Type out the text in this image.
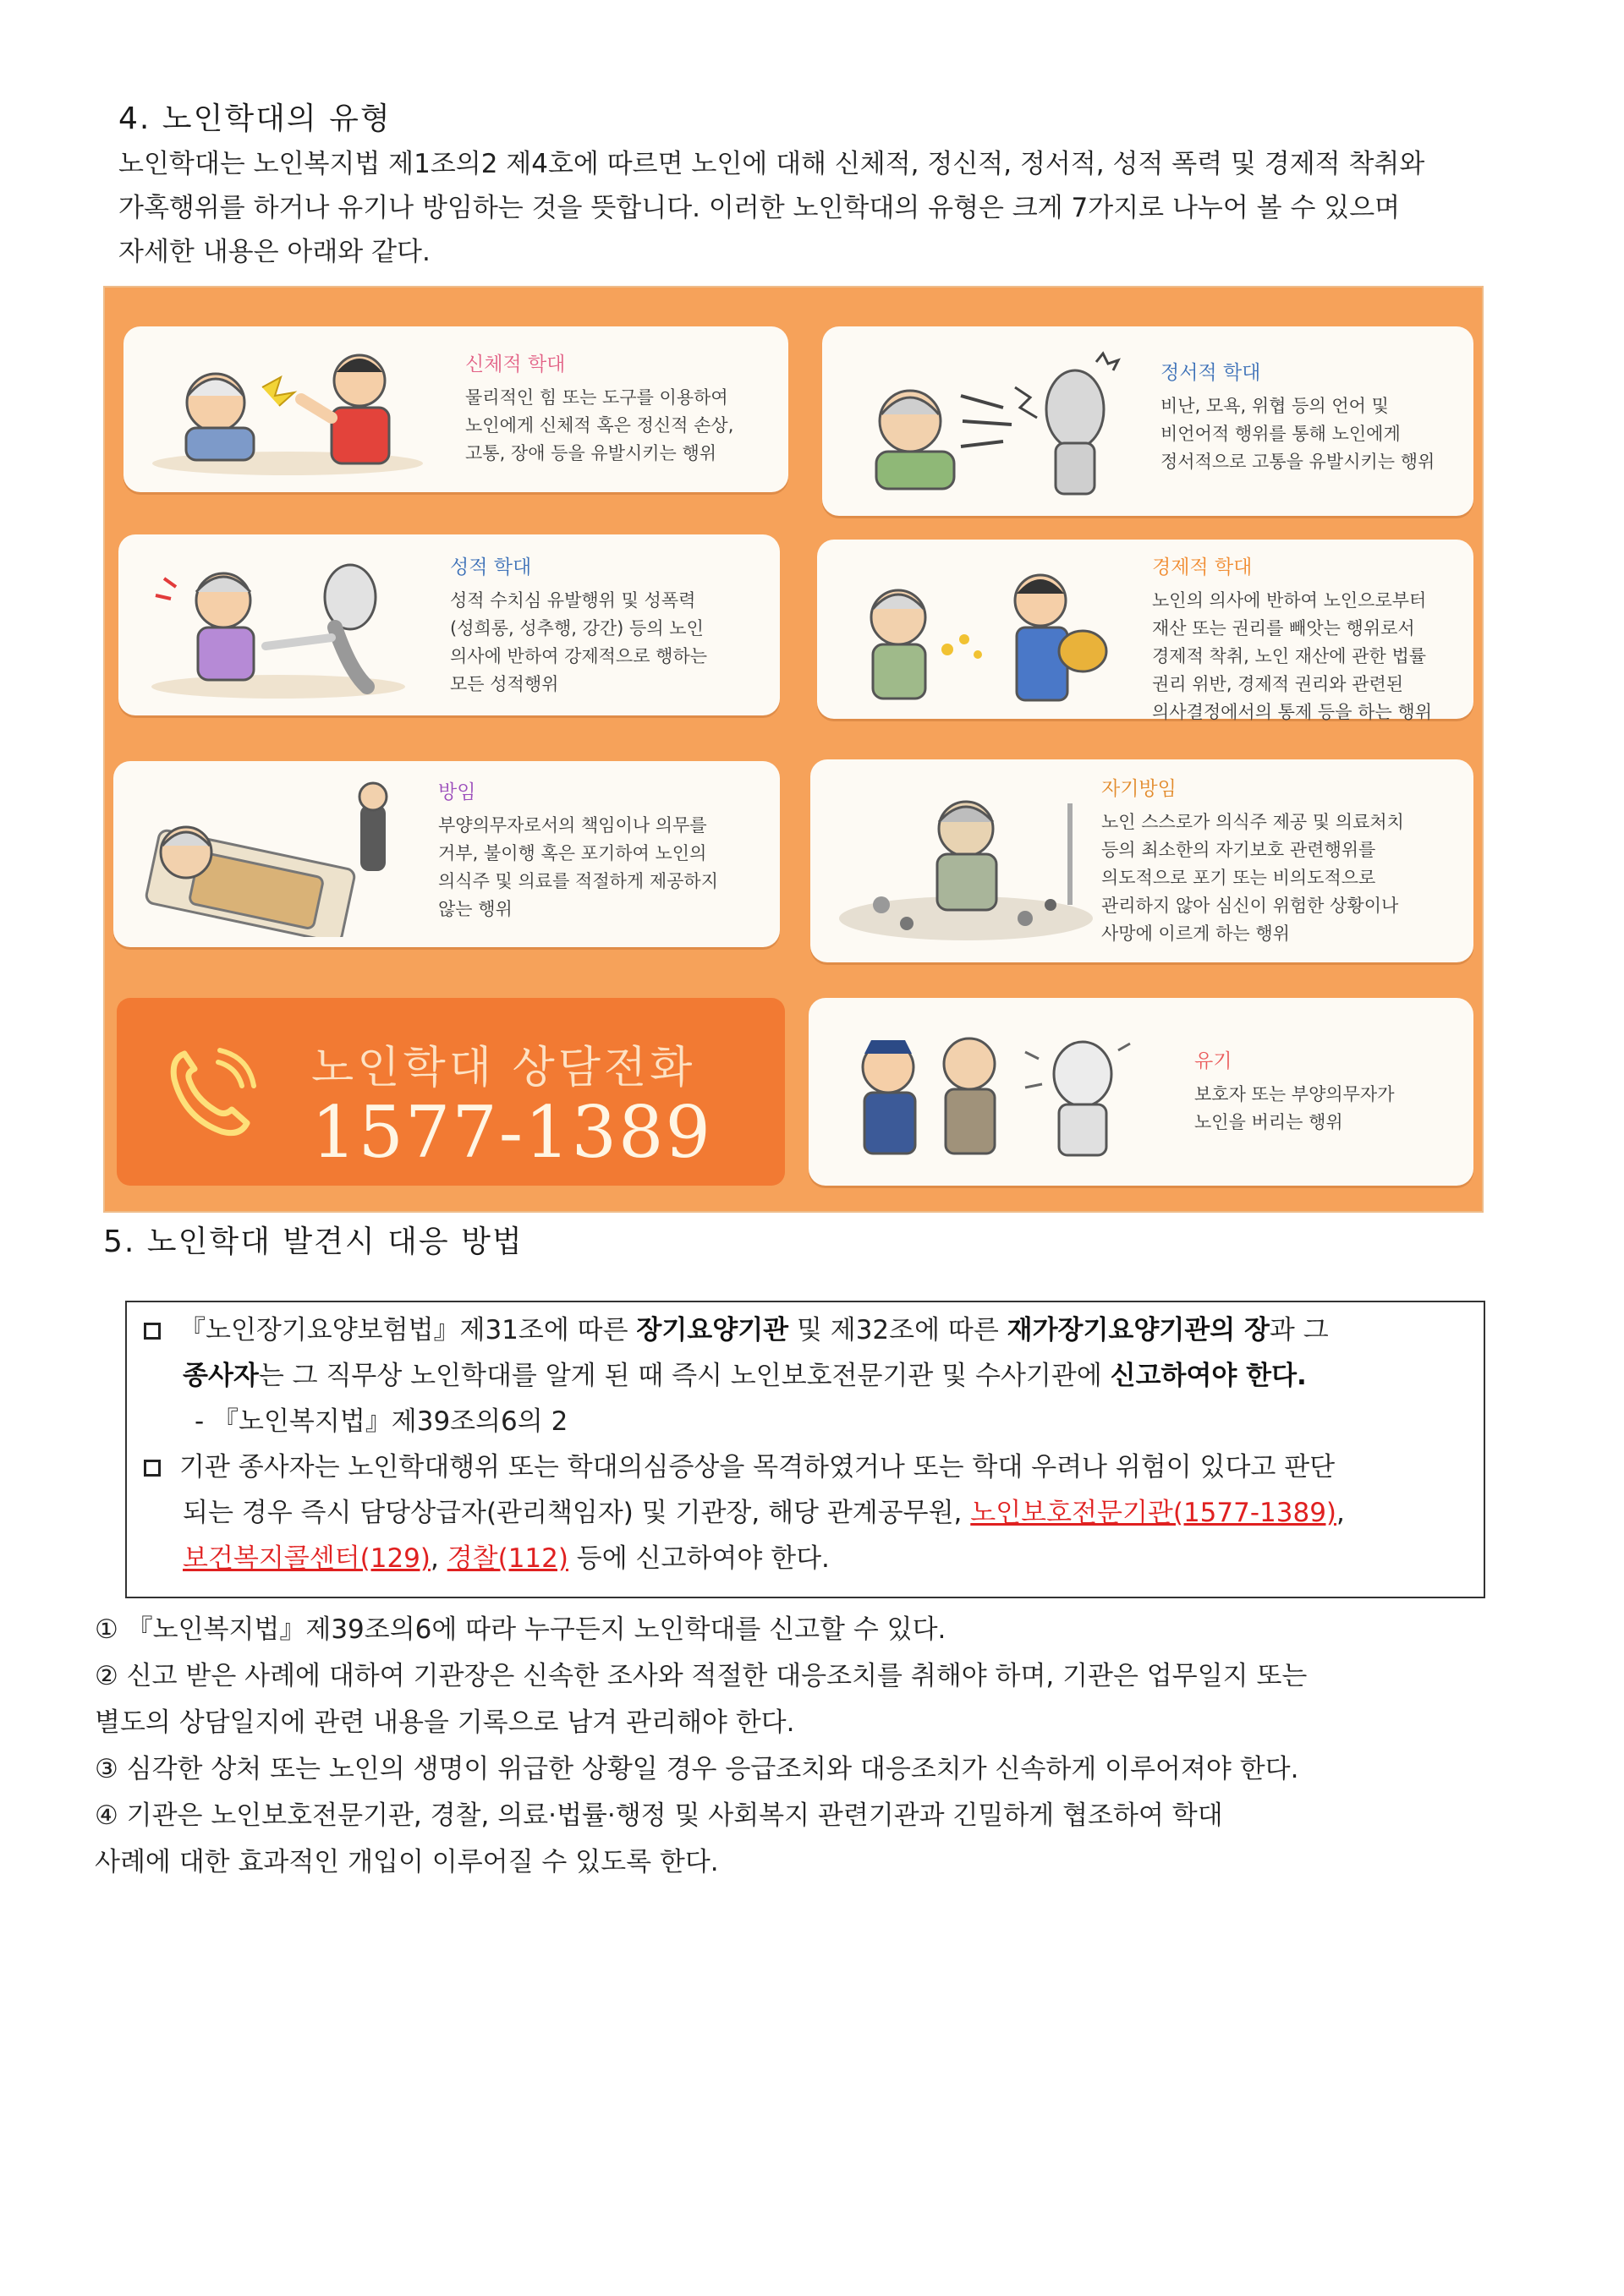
4. 노인학대의 유형

노인학대는 노인복지법 제1조의2 제4호에 따르면 노인에 대해 신체적, 정신적, 정서적, 성적 폭력 및 경제적 착취와

가혹행위를 하거나 유기나 방임하는 것을 뜻합니다. 이러한 노인학대의 유형은 크게 7가지로 나누어 볼 수 있으며

자세한 내용은 아래와 같다.

신체적 학대
물리적인 힘 또는 도구를 이용하여
노인에게 신체적 혹은 정신적 손상,
고통, 장애 등을 유발시키는 행위
정서적 학대
비난, 모욕, 위협 등의 언어 및
비언어적 행위를 통해 노인에게
정서적으로 고통을 유발시키는 행위
성적 학대
성적 수치심 유발행위 및 성폭력
(성희롱, 성추행, 강간) 등의 노인
의사에 반하여 강제적으로 행하는
모든 성적행위
경제적 학대
노인의 의사에 반하여 노인으로부터
재산 또는 권리를 빼앗는 행위로서
경제적 착취, 노인 재산에 관한 법률
권리 위반, 경제적 권리와 관련된
의사결정에서의 통제 등을 하는 행위
방임
부양의무자로서의 책임이나 의무를
거부, 불이행 혹은 포기하여 노인의
의식주 및 의료를 적절하게 제공하지
않는 행위
자기방임
노인 스스로가 의식주 제공 및 의료처치
등의 최소한의 자기보호 관련행위를
의도적으로 포기 또는 비의도적으로
관리하지 않아 심신이 위험한 상황이나
사망에 이르게 하는 행위
노인학대 상담전화
1577-1389
유기
보호자 또는 부양의무자가
노인을 버리는 행위
5. 노인학대 발견시 대응 방법
『노인장기요양보험법』제31조에 따른 장기요양기관 및 제32조에 따른 재가장기요양기관의 장과 그
종사자는 그 직무상 노인학대를 알게 된 때 즉시 노인보호전문기관 및 수사기관에 신고하여야 한다.
- 『노인복지법』제39조의6의 2
기관 종사자는 노인학대행위 또는 학대의심증상을 목격하였거나 또는 학대 우려나 위험이 있다고 판단
되는 경우 즉시 담당상급자(관리책임자) 및 기관장, 해당 관계공무원, 노인보호전문기관(1577-1389),
보건복지콜센터(129), 경찰(112) 등에 신고하여야 한다.

① 『노인복지법』제39조의6에 따라 누구든지 노인학대를 신고할 수 있다.

② 신고 받은 사례에 대하여 기관장은 신속한 조사와 적절한 대응조치를 취해야 하며, 기관은 업무일지 또는

별도의 상담일지에 관련 내용을 기록으로 남겨 관리해야 한다.

③ 심각한 상처 또는 노인의 생명이 위급한 상황일 경우 응급조치와 대응조치가 신속하게 이루어져야 한다.

④ 기관은 노인보호전문기관, 경찰, 의료·법률·행정 및 사회복지 관련기관과 긴밀하게 협조하여 학대

사례에 대한 효과적인 개입이 이루어질 수 있도록 한다.
